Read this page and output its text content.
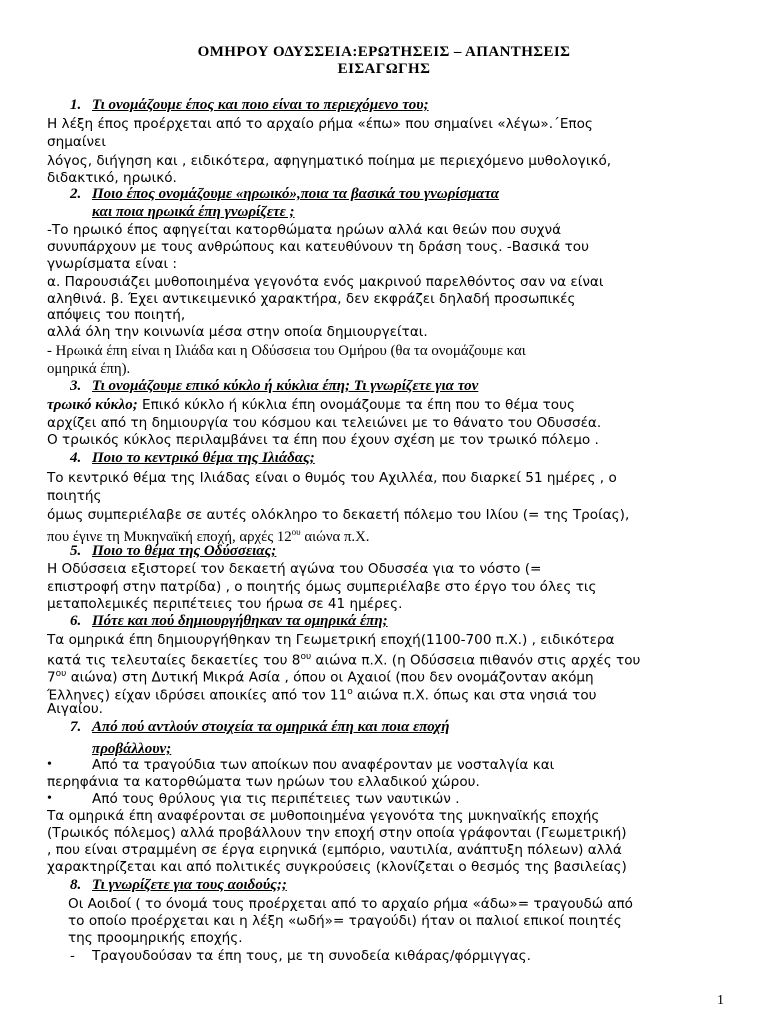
ΟΜΗΡΟΥ ΟΔΥΣΣΕΙΑ:ΕΡΩΤΗΣΕΙΣ – ΑΠΑΝΤΗΣΕΙΣ
ΕΙΣΑΓΩΓΗΣ
1. Τι ονομάζουμε έπος και ποιο είναι το περιεχόμενο του;
Η λέξη έπος προέρχεται από το αρχαίο ρήμα «έπω» που σημαίνει «λέγω».΄Επος
σημαίνει
λόγος, διήγηση και , ειδικότερα, αφηγηματικό ποίημα με περιεχόμενο μυθολογικό,
διδακτικό, ηρωικό.
2. Ποιο έπος ονομάζουμε «ηρωικό»,ποια τα βασικά του γνωρίσματα
και ποια ηρωικά έπη γνωρίζετε ;
-Το ηρωικό έπος αφηγείται κατορθώματα ηρώων αλλά και θεών που συχνά
συνυπάρχουν με τους ανθρώπους και κατευθύνουν τη δράση τους. -Βασικά του
γνωρίσματα είναι :
α. Παρουσιάζει μυθοποιημένα γεγονότα ενός μακρινού παρελθόντος σαν να είναι
αληθινά. β. Έχει αντικειμενικό χαρακτήρα, δεν εκφράζει δηλαδή προσωπικές
απόψεις του ποιητή,
αλλά όλη την κοινωνία μέσα στην οποία δημιουργείται.
- Ηρωικά έπη είναι η Ιλιάδα και η Οδύσσεια του Ομήρου (θα τα ονομάζουμε και
ομηρικά έπη).
3. Τι ονομάζουμε επικό κύκλο ή κύκλια έπη; Τι γνωρίζετε για τον
τρωικό κύκλο; Επικό κύκλο ή κύκλια έπη ονομάζουμε τα έπη που το θέμα τους
αρχίζει από τη δημιουργία του κόσμου και τελειώνει με το θάνατο του Οδυσσέα.
Ο τρωικός κύκλος περιλαμβάνει τα έπη που έχουν σχέση με τον τρωικό πόλεμο .
4. Ποιο το κεντρικό θέμα της Ιλιάδας;
Το κεντρικό θέμα της Ιλιάδας είναι ο θυμός του Αχιλλέα, που διαρκεί 51 ημέρες , ο
ποιητής
όμως συμπεριέλαβε σε αυτές ολόκληρο το δεκαετή πόλεμο του Ιλίου (= της Τροίας),
που έγινε τη Μυκηναϊκή εποχή, αρχές $12^{o\upsilon}$ αιώνα π.Χ.
5. Ποιο το θέμα της Οδύσσειας;
Η Οδύσσεια εξιστορεί τον δεκαετή αγώνα του Οδυσσέα για το νόστο (=
επιστροφή στην πατρίδα) , ο ποιητής όμως συμπεριέλαβε στο έργο του όλες τις
μεταπολεμικές περιπέτειες του ήρωα σε 41 ημέρες.
6. Πότε και πού δημιουργήθηκαν τα ομηρικά έπη;
Τα ομηρικά έπη δημιουργήθηκαν τη Γεωμετρική εποχή(1100-700 π.Χ.) , ειδικότερα
κατά τις τελευταίες δεκαετίες του $8^{o\upsilon}$ αιώνα π.Χ. (η Οδύσσεια πιθανόν στις αρχές του
$7^{o\upsilon}$ αιώνα) στη Δυτική Μικρά Ασία , όπου οι Αχαιοί (που δεν ονομάζονταν ακόμη
Έλληνες) είχαν ιδρύσει αποικίες από τον $11^o$ αιώνα π.Χ. όπως και στα νησιά του
Αιγαίου.
7. Από πού αντλούν στοιχεία τα ομηρικά έπη και ποια εποχή
προβάλλουν;
•	Από τα τραγούδια των αποίκων που αναφέρονταν με νοσταλγία και
περηφάνια τα κατορθώματα των ηρώων του ελλαδικού χώρου.
•	Από τους θρύλους για τις περιπέτειες των ναυτικών .
Τα ομηρικά έπη αναφέρονται σε μυθοποιημένα γεγονότα της μυκηναϊκής εποχής
(Τρωικός πόλεμος) αλλά προβάλλουν την εποχή στην οποία γράφονται (Γεωμετρική)
, που είναι στραμμένη σε έργα ειρηνικά (εμπόριο, ναυτιλία, ανάπτυξη πόλεων) αλλά
χαρακτηρίζεται και από πολιτικές συγκρούσεις (κλονίζεται ο θεσμός της βασιλείας)
8. Τι γνωρίζετε για τους αοιδούς;;
Οι Αοιδοί ( το όνομά τους προέρχεται από το αρχαίο ρήμα «άδω»= τραγουδώ από
το οποίο προέρχεται και η λέξη «ωδή»= τραγούδι) ήταν οι παλιοί επικοί ποιητές
της προομηρικής εποχής.
- Τραγουδούσαν τα έπη τους, με τη συνοδεία κιθάρας/φόρμιγγας.
1
